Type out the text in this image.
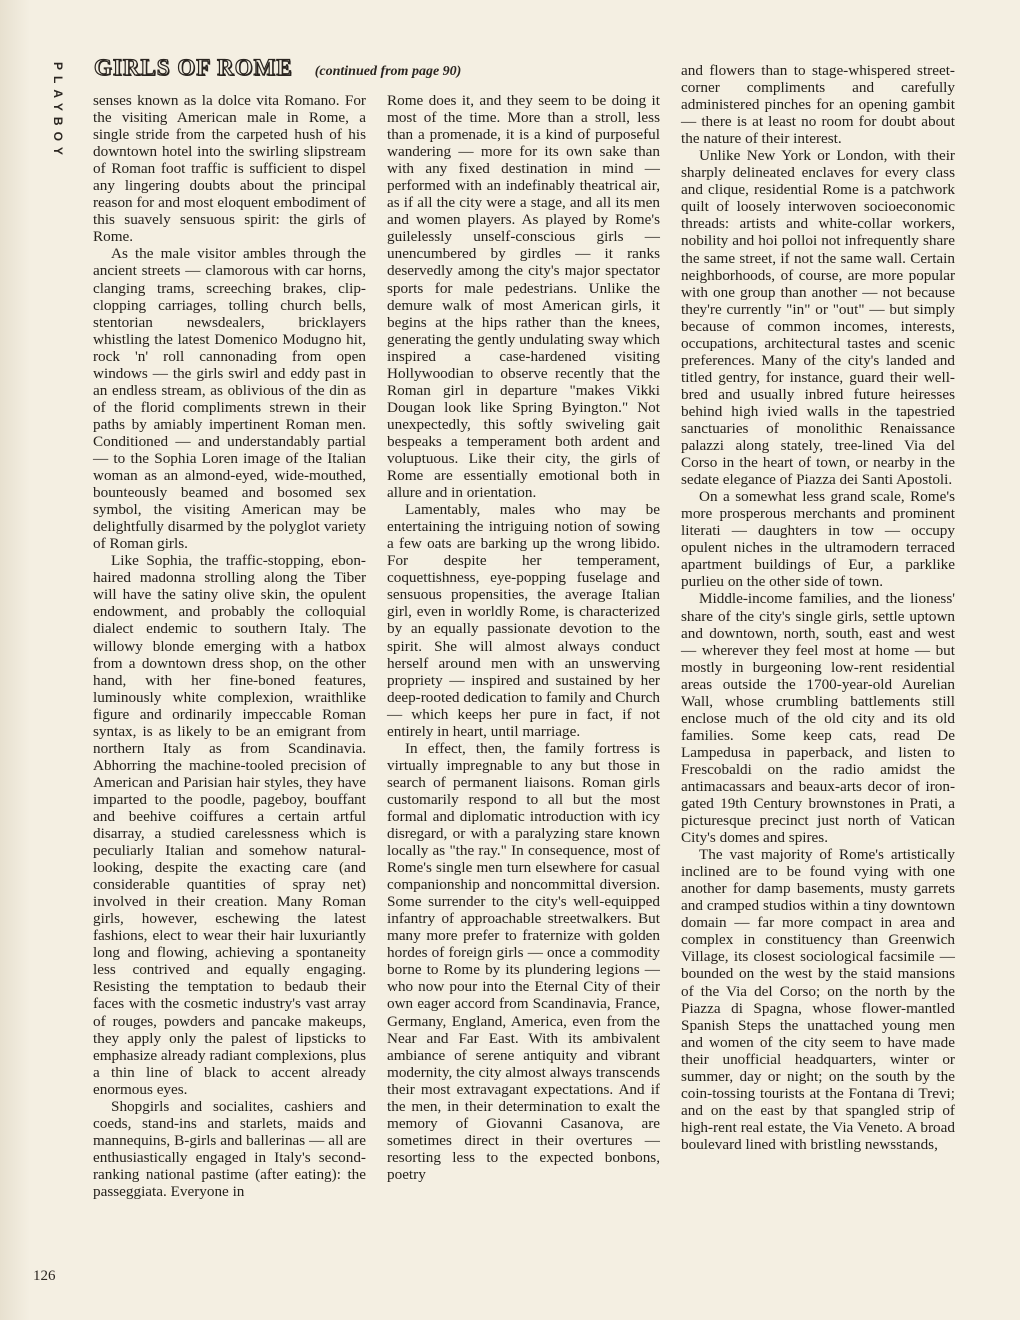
PLAYBOY GIRLS OF ROME (continued from page 90)

senses known as la dolce vita Romano. For the visiting American male in Rome, a single stride from the carpeted hush of his downtown hotel into the swirling slipstream of Roman foot traffic is sufficient to dispel any lingering doubts about the principal reason for and most eloquent embodiment of this suavely sensuous spirit: the girls of Rome.

As the male visitor ambles through the ancient streets — clamorous with car horns, clanging trams, screeching brakes, clip-clopping carriages, tolling church bells, stentorian newsdealers, bricklayers whistling the latest Domenico Modugno hit, rock 'n' roll cannonading from open windows — the girls swirl and eddy past in an endless stream, as oblivious of the din as of the florid compliments strewn in their paths by amiably impertinent Roman men. Conditioned — and understandably partial — to the Sophia Loren image of the Italian woman as an almond-eyed, wide-mouthed, bounteously beamed and bosomed sex symbol, the visiting American may be delightfully disarmed by the polyglot variety of Roman girls.

Like Sophia, the traffic-stopping, ebon-haired madonna strolling along the Tiber will have the satiny olive skin, the opulent endowment, and probably the colloquial dialect endemic to southern Italy. The willowy blonde emerging with a hatbox from a downtown dress shop, on the other hand, with her fine-boned features, luminously white complexion, wraithlike figure and ordinarily impeccable Roman syntax, is as likely to be an emigrant from northern Italy as from Scandinavia. Abhorring the machine-tooled precision of American and Parisian hair styles, they have imparted to the poodle, pageboy, bouffant and beehive coiffures a certain artful disarray, a studied carelessness which is peculiarly Italian and somehow natural-looking, despite the exacting care (and considerable quantities of spray net) involved in their creation. Many Roman girls, however, eschewing the latest fashions, elect to wear their hair luxuriantly long and flowing, achieving a spontaneity less contrived and equally engaging. Resisting the temptation to bedaub their faces with the cosmetic industry's vast array of rouges, powders and pancake makeups, they apply only the palest of lipsticks to emphasize already radiant complexions, plus a thin line of black to accent already enormous eyes.

Shopgirls and socialites, cashiers and coeds, stand-ins and starlets, maids and mannequins, B-girls and ballerinas — all are enthusiastically engaged in Italy's second-ranking national pastime (after eating): the passeggiata. Everyone in

Rome does it, and they seem to be doing it most of the time. More than a stroll, less than a promenade, it is a kind of purposeful wandering — more for its own sake than with any fixed destination in mind — performed with an indefinably theatrical air, as if all the city were a stage, and all its men and women players. As played by Rome's guilelessly unself-conscious girls — unencumbered by girdles — it ranks deservedly among the city's major spectator sports for male pedestrians. Unlike the demure walk of most American girls, it begins at the hips rather than the knees, generating the gently undulating sway which inspired a case-hardened visiting Hollywoodian to observe recently that the Roman girl in departure "makes Vikki Dougan look like Spring Byington." Not unexpectedly, this softly swiveling gait bespeaks a temperament both ardent and voluptuous. Like their city, the girls of Rome are essentially emotional both in allure and in orientation.

Lamentably, males who may be entertaining the intriguing notion of sowing a few oats are barking up the wrong libido. For despite her temperament, coquettishness, eye-popping fuselage and sensuous propensities, the average Italian girl, even in worldly Rome, is characterized by an equally passionate devotion to the spirit. She will almost always conduct herself around men with an unswerving propriety — inspired and sustained by her deep-rooted dedication to family and Church — which keeps her pure in fact, if not entirely in heart, until marriage.

In effect, then, the family fortress is virtually impregnable to any but those in search of permanent liaisons. Roman girls customarily respond to all but the most formal and diplomatic introduction with icy disregard, or with a paralyzing stare known locally as "the ray." In consequence, most of Rome's single men turn elsewhere for casual companionship and noncommittal diversion. Some surrender to the city's well-equipped infantry of approachable streetwalkers. But many more prefer to fraternize with golden hordes of foreign girls — once a commodity borne to Rome by its plundering legions — who now pour into the Eternal City of their own eager accord from Scandinavia, France, Germany, England, America, even from the Near and Far East. With its ambivalent ambiance of serene antiquity and vibrant modernity, the city almost always transcends their most extravagant expectations. And if the men, in their determination to exalt the memory of Giovanni Casanova, are sometimes direct in their overtures — resorting less to the expected bonbons, poetry

and flowers than to stage-whispered street-corner compliments and carefully administered pinches for an opening gambit — there is at least no room for doubt about the nature of their interest.

Unlike New York or London, with their sharply delineated enclaves for every class and clique, residential Rome is a patchwork quilt of loosely interwoven socioeconomic threads: artists and white-collar workers, nobility and hoi polloi not infrequently share the same street, if not the same wall. Certain neighborhoods, of course, are more popular with one group than another — not because they're currently "in" or "out" — but simply because of common incomes, interests, occupations, architectural tastes and scenic preferences. Many of the city's landed and titled gentry, for instance, guard their well-bred and usually inbred future heiresses behind high ivied walls in the tapestried sanctuaries of monolithic Renaissance palazzi along stately, tree-lined Via del Corso in the heart of town, or nearby in the sedate elegance of Piazza dei Santi Apostoli.

On a somewhat less grand scale, Rome's more prosperous merchants and prominent literati — daughters in tow — occupy opulent niches in the ultramodern terraced apartment buildings of Eur, a parklike purlieu on the other side of town.

Middle-income families, and the lioness' share of the city's single girls, settle uptown and downtown, north, south, east and west — wherever they feel most at home — but mostly in burgeoning low-rent residential areas outside the 1700-year-old Aurelian Wall, whose crumbling battlements still enclose much of the old city and its old families. Some keep cats, read De Lampedusa in paperback, and listen to Frescobaldi on the radio amidst the antimacassars and beaux-arts decor of iron-gated 19th Century brownstones in Prati, a picturesque precinct just north of Vatican City's domes and spires.

The vast majority of Rome's artistically inclined are to be found vying with one another for damp basements, musty garrets and cramped studios within a tiny downtown domain — far more compact in area and complex in constituency than Greenwich Village, its closest sociological facsimile — bounded on the west by the staid mansions of the Via del Corso; on the north by the Piazza di Spagna, whose flower-mantled Spanish Steps the unattached young men and women of the city seem to have made their unofficial headquarters, winter or summer, day or night; on the south by the coin-tossing tourists at the Fontana di Trevi; and on the east by that spangled strip of high-rent real estate, the Via Veneto. A broad boulevard lined with bristling newsstands,

126
